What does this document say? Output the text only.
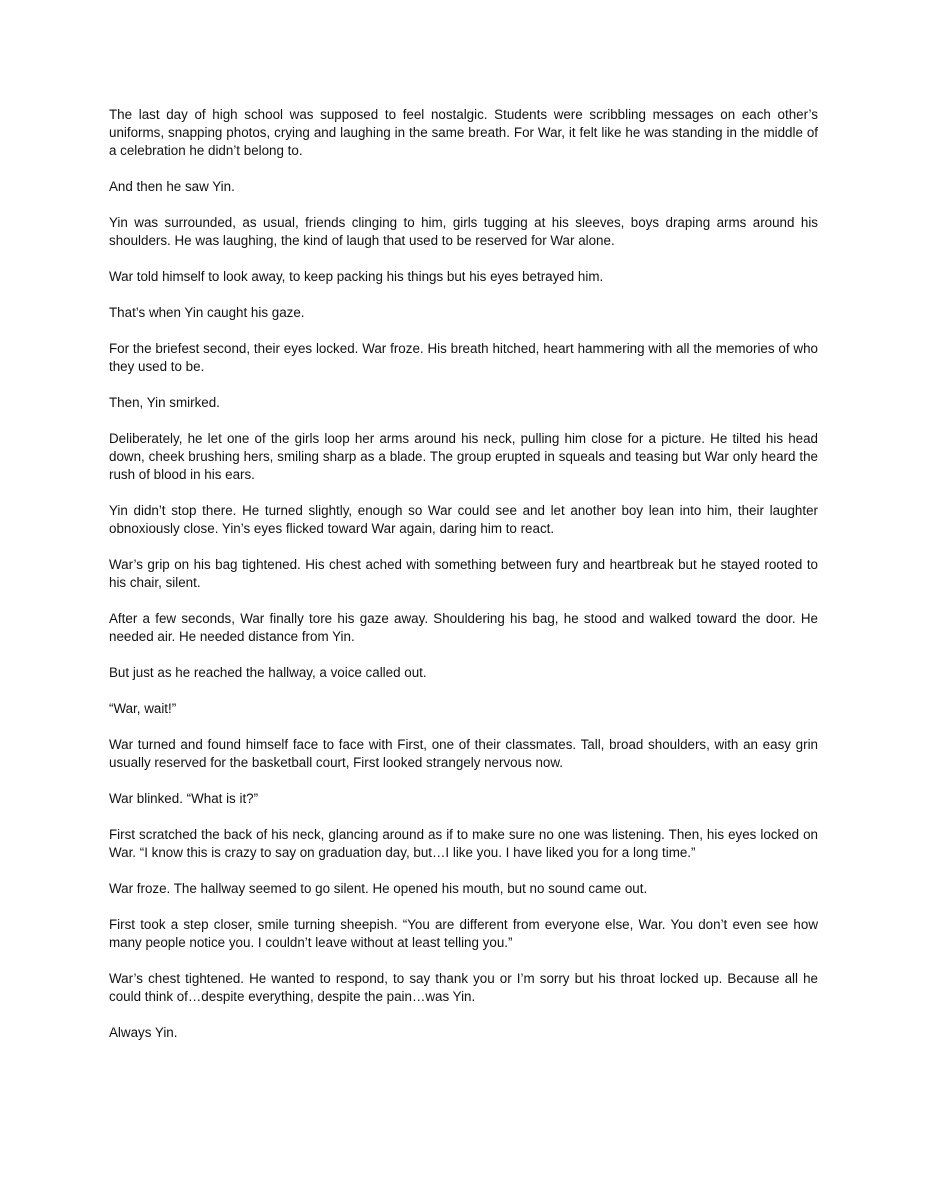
The last day of high school was supposed to feel nostalgic. Students were scribbling messages on each other’s uniforms, snapping photos, crying and laughing in the same breath. For War, it felt like he was standing in the middle of a celebration he didn’t belong to.

And then he saw Yin.

Yin was surrounded, as usual, friends clinging to him, girls tugging at his sleeves, boys draping arms around his shoulders. He was laughing, the kind of laugh that used to be reserved for War alone.

War told himself to look away, to keep packing his things but his eyes betrayed him.

That’s when Yin caught his gaze.

For the briefest second, their eyes locked. War froze. His breath hitched, heart hammering with all the memories of who they used to be.

Then, Yin smirked.

Deliberately, he let one of the girls loop her arms around his neck, pulling him close for a picture. He tilted his head down, cheek brushing hers, smiling sharp as a blade. The group erupted in squeals and teasing but War only heard the rush of blood in his ears.

Yin didn’t stop there. He turned slightly, enough so War could see and let another boy lean into him, their laughter obnoxiously close. Yin’s eyes flicked toward War again, daring him to react.

War’s grip on his bag tightened. His chest ached with something between fury and heartbreak but he stayed rooted to his chair, silent.

After a few seconds, War finally tore his gaze away. Shouldering his bag, he stood and walked toward the door. He needed air. He needed distance from Yin.

But just as he reached the hallway, a voice called out.

“War, wait!”

War turned and found himself face to face with First, one of their classmates. Tall, broad shoulders, with an easy grin usually reserved for the basketball court, First looked strangely nervous now.

War blinked. “What is it?”

First scratched the back of his neck, glancing around as if to make sure no one was listening. Then, his eyes locked on War. “I know this is crazy to say on graduation day, but…I like you. I have liked you for a long time.”

War froze. The hallway seemed to go silent. He opened his mouth, but no sound came out.

First took a step closer, smile turning sheepish. “You are different from everyone else, War. You don’t even see how many people notice you. I couldn’t leave without at least telling you.”

War’s chest tightened. He wanted to respond, to say thank you or I’m sorry but his throat locked up. Because all he could think of…despite everything, despite the pain…was Yin.

Always Yin.
